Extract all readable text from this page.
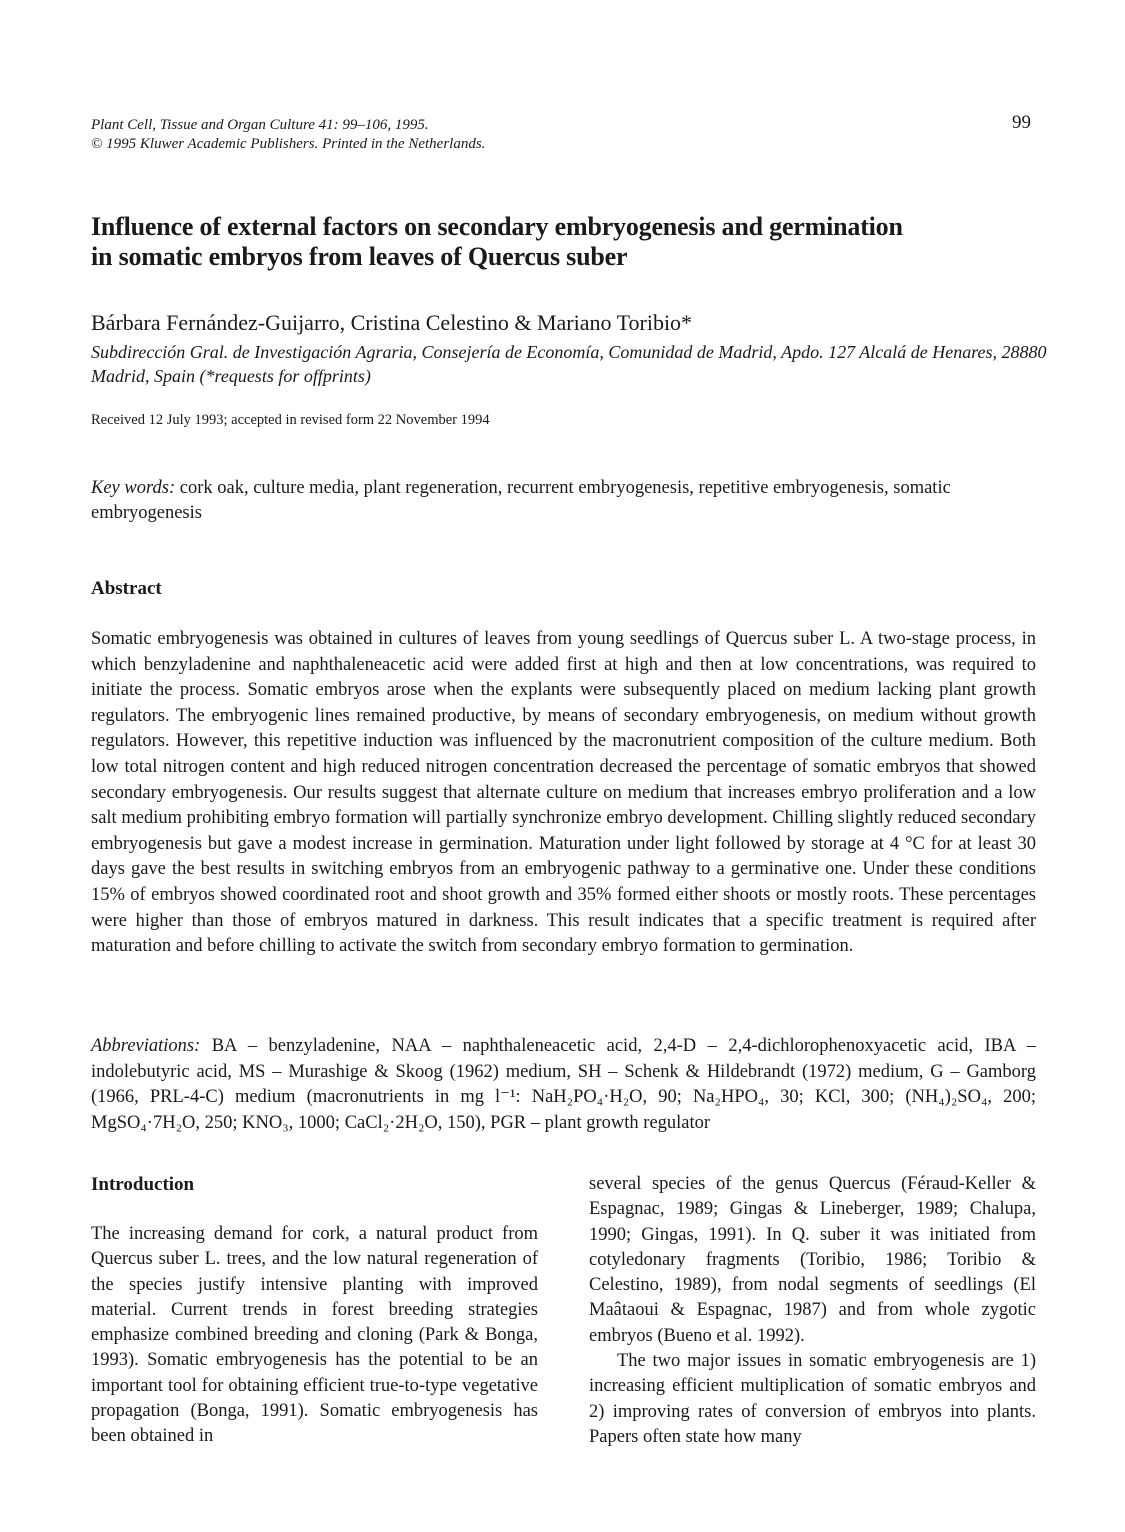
Plant Cell, Tissue and Organ Culture 41: 99–106, 1995.
© 1995 Kluwer Academic Publishers. Printed in the Netherlands.
99
Influence of external factors on secondary embryogenesis and germination
in somatic embryos from leaves of Quercus suber
Bárbara Fernández-Guijarro, Cristina Celestino & Mariano Toribio*
Subdirección Gral. de Investigación Agraria, Consejería de Economía, Comunidad de Madrid, Apdo. 127 Alcalá de Henares, 28880 Madrid, Spain (*requests for offprints)
Received 12 July 1993; accepted in revised form 22 November 1994
Key words: cork oak, culture media, plant regeneration, recurrent embryogenesis, repetitive embryogenesis, somatic embryogenesis
Abstract

Somatic embryogenesis was obtained in cultures of leaves from young seedlings of Quercus suber L. A two-stage process, in which benzyladenine and naphthaleneacetic acid were added first at high and then at low concentrations, was required to initiate the process. Somatic embryos arose when the explants were subsequently placed on medium lacking plant growth regulators. The embryogenic lines remained productive, by means of secondary embryogenesis, on medium without growth regulators. However, this repetitive induction was influenced by the macronutrient composition of the culture medium. Both low total nitrogen content and high reduced nitrogen concentration decreased the percentage of somatic embryos that showed secondary embryogenesis. Our results suggest that alternate culture on medium that increases embryo proliferation and a low salt medium prohibiting embryo formation will partially synchronize embryo development. Chilling slightly reduced secondary embryogenesis but gave a modest increase in germination. Maturation under light followed by storage at 4 °C for at least 30 days gave the best results in switching embryos from an embryogenic pathway to a germinative one. Under these conditions 15% of embryos showed coordinated root and shoot growth and 35% formed either shoots or mostly roots. These percentages were higher than those of embryos matured in darkness. This result indicates that a specific treatment is required after maturation and before chilling to activate the switch from secondary embryo formation to germination.

Abbreviations: BA – benzyladenine, NAA – naphthaleneacetic acid, 2,4-D – 2,4-dichlorophenoxyacetic acid, IBA – indolebutyric acid, MS – Murashige & Skoog (1962) medium, SH – Schenk & Hildebrandt (1972) medium, G – Gamborg (1966, PRL-4-C) medium (macronutrients in mg l⁻¹: NaH₂PO₄·H₂O, 90; Na₂HPO₄, 30; KCl, 300; (NH₄)₂SO₄, 200; MgSO₄·7H₂O, 250; KNO₃, 1000; CaCl₂·2H₂O, 150), PGR – plant growth regulator
Introduction

The increasing demand for cork, a natural product from Quercus suber L. trees, and the low natural regeneration of the species justify intensive planting with improved material. Current trends in forest breeding strategies emphasize combined breeding and cloning (Park & Bonga, 1993). Somatic embryogenesis has the potential to be an important tool for obtaining efficient true-to-type vegetative propagation (Bonga, 1991). Somatic embryogenesis has been obtained in

several species of the genus Quercus (Féraud-Keller & Espagnac, 1989; Gingas & Lineberger, 1989; Chalupa, 1990; Gingas, 1991). In Q. suber it was initiated from cotyledonary fragments (Toribio, 1986; Toribio & Celestino, 1989), from nodal segments of seedlings (El Maâtaoui & Espagnac, 1987) and from whole zygotic embryos (Bueno et al. 1992).

The two major issues in somatic embryogenesis are 1) increasing efficient multiplication of somatic embryos and 2) improving rates of conversion of embryos into plants. Papers often state how many
